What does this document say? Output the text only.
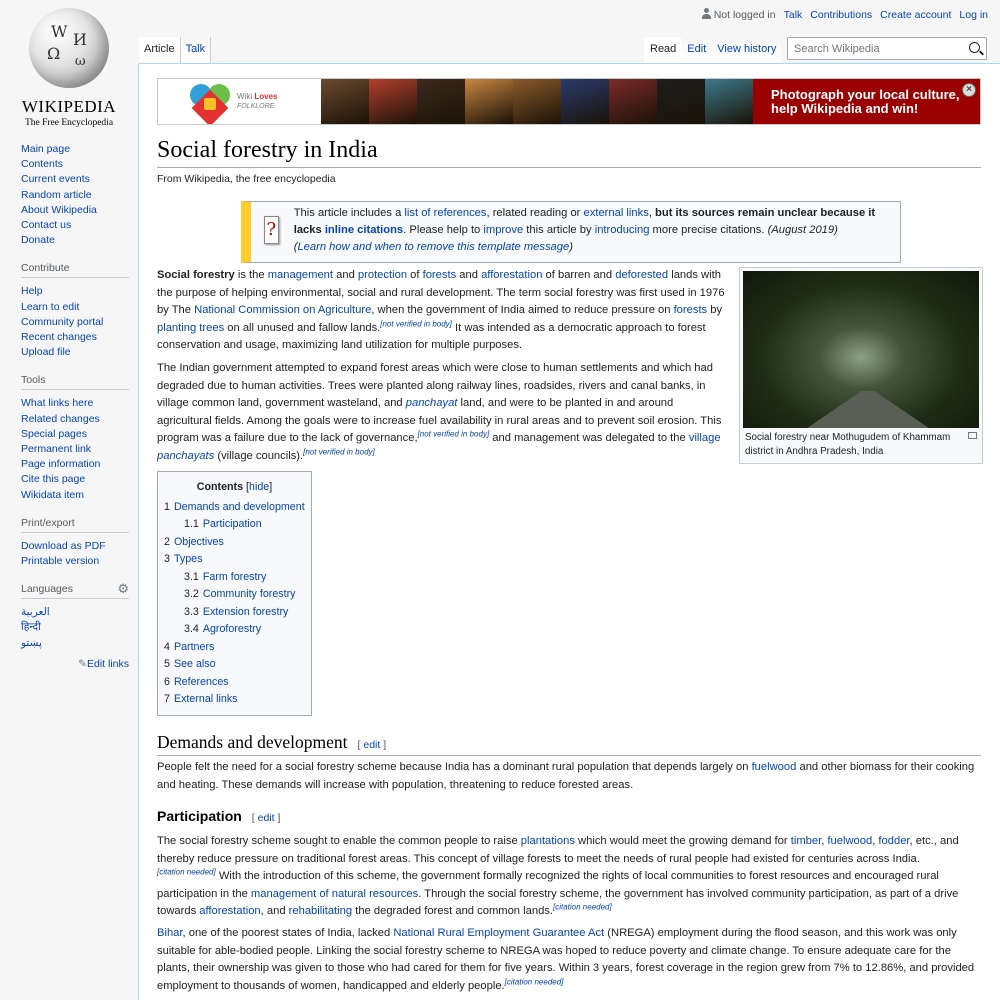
W И
Ω ω
WIKIPEDIA
The Free Encyclopedia
Main page
Contents
Current events
Random article
About Wikipedia
Contact us
Donate
Contribute
Help
Learn to edit
Community portal
Recent changes
Upload file
Tools
What links here
Related changes
Special pages
Permanent link
Page information
Cite this page
Wikidata item
Print/export
Download as PDF
Printable version
Languages	⚙
العربية
हिन्दी
پښتو
✎Edit links
Not logged in Talk Contributions Create account Log in
Article	Talk	Read	Edit	View history
Search Wikipedia
Wiki Loves
FOLKLORE
Photograph your local culture, help Wikipedia and win!
×
Social forestry in India
From Wikipedia, the free encyclopedia
?
This article includes a list of references, related reading or external links, but its sources remain unclear because it lacks inline citations. Please help to improve this article by introducing more precise citations. (August 2019)
(Learn how and when to remove this template message)

Social forestry is the management and protection of forests and afforestation of barren and deforested lands with the purpose of helping environmental, social and rural development. The term social forestry was first used in 1976 by The National Commission on Agriculture, when the government of India aimed to reduce pressure on forests by planting trees on all unused and fallow lands.[not verified in body] It was intended as a democratic approach to forest conservation and usage, maximizing land utilization for multiple purposes.

The Indian government attempted to expand forest areas which were close to human settlements and which had degraded due to human activities. Trees were planted along railway lines, roadsides, rivers and canal banks, in village common land, government wasteland, and panchayat land, and were to be planted in and around agricultural fields. Among the goals were to increase fuel availability in rural areas and to prevent soil erosion. This program was a failure due to the lack of governance,[not verified in body] and management was delegated to the village panchayats (village councils).[not verified in body]

Social forestry near Mothugudem of Khammam district in Andhra Pradesh, India
Contents [hide]
1 Demands and development
1.1 Participation
2 Objectives
3 Types
3.1 Farm forestry
3.2 Community forestry
3.3 Extension forestry
3.4 Agroforestry
4 Partners
5 See also
6 References
7 External links
Demands and development [ edit ]

People felt the need for a social forestry scheme because India has a dominant rural population that depends largely on fuelwood and other biomass for their cooking and heating. These demands will increase with population, threatening to reduce forested areas.

Participation [ edit ]

The social forestry scheme sought to enable the common people to raise plantations which would meet the growing demand for timber, fuelwood, fodder, etc., and thereby reduce pressure on traditional forest areas. This concept of village forests to meet the needs of rural people had existed for centuries across India.
[citation needed] With the introduction of this scheme, the government formally recognized the rights of local communities to forest resources and encouraged rural participation in the management of natural resources. Through the social forestry scheme, the government has involved community participation, as part of a drive towards afforestation, and rehabilitating the degraded forest and common lands.[citation needed]

Bihar, one of the poorest states of India, lacked National Rural Employment Guarantee Act (NREGA) employment during the flood season, and this work was only suitable for able-bodied people. Linking the social forestry scheme to NREGA was hoped to reduce poverty and climate change. To ensure adequate care for the plants, their ownership was given to those who had cared for them for five years. Within 3 years, forest coverage in the region grew from 7% to 12.86%, and provided employment to thousands of women, handicapped and elderly people.[citation needed]
